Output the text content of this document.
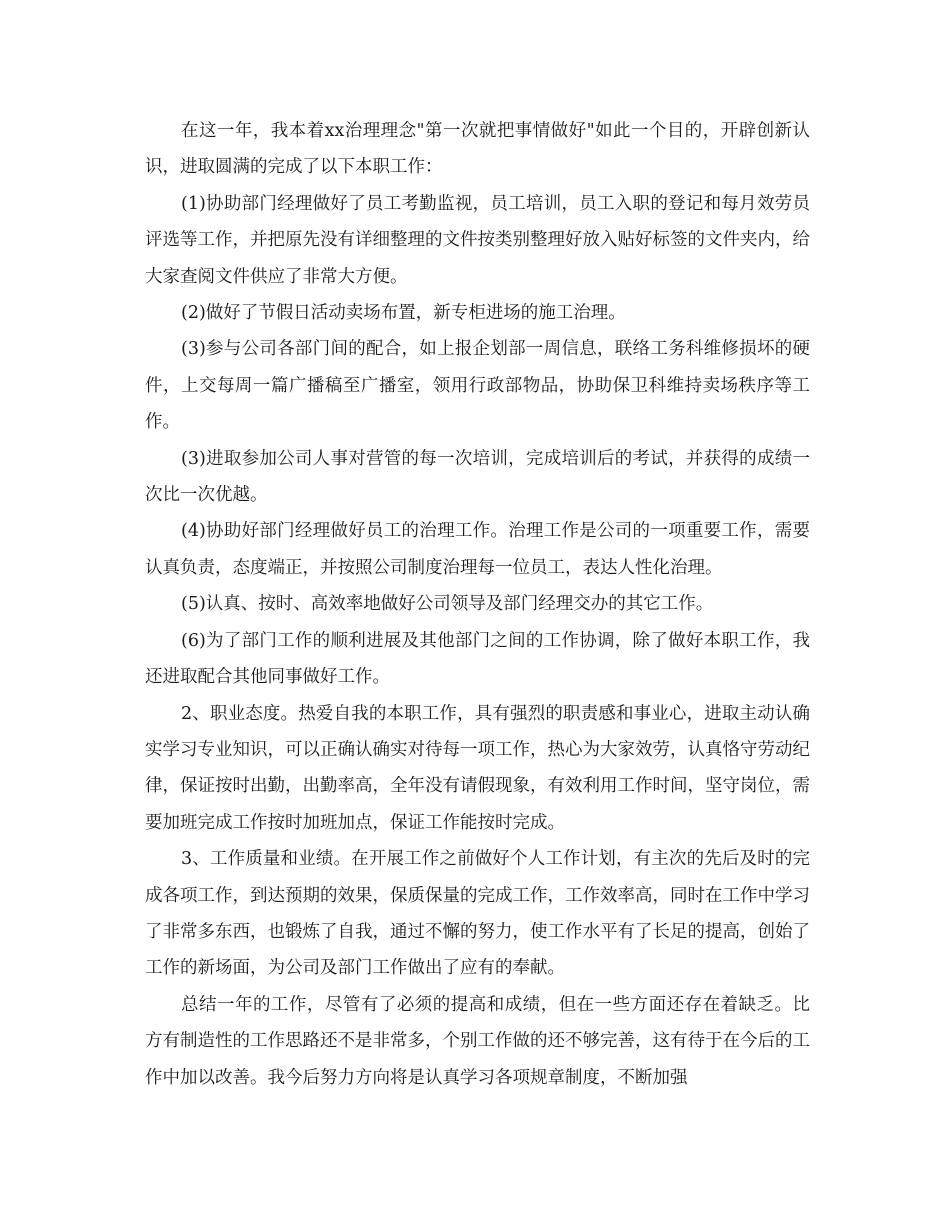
在这一年，我本着xx治理理念"第一次就把事情做好"如此一个目的，开辟创新认识，进取圆满的完成了以下本职工作：

(1)协助部门经理做好了员工考勤监视，员工培训，员工入职的登记和每月效劳员评选等工作，并把原先没有详细整理的文件按类别整理好放入贴好标签的文件夹内，给大家查阅文件供应了非常大方便。

(2)做好了节假日活动卖场布置，新专柜进场的施工治理。

(3)参与公司各部门间的配合，如上报企划部一周信息，联络工务科维修损坏的硬件，上交每周一篇广播稿至广播室，领用行政部物品，协助保卫科维持卖场秩序等工作。

(3)进取参加公司人事对营管的每一次培训，完成培训后的考试，并获得的成绩一次比一次优越。

(4)协助好部门经理做好员工的治理工作。治理工作是公司的一项重要工作，需要认真负责，态度端正，并按照公司制度治理每一位员工，表达人性化治理。

(5)认真、按时、高效率地做好公司领导及部门经理交办的其它工作。

(6)为了部门工作的顺利进展及其他部门之间的工作协调，除了做好本职工作，我还进取配合其他同事做好工作。

2、职业态度。热爱自我的本职工作，具有强烈的职责感和事业心，进取主动认确实学习专业知识，可以正确认确实对待每一项工作，热心为大家效劳，认真恪守劳动纪律，保证按时出勤，出勤率高，全年没有请假现象，有效利用工作时间，坚守岗位，需要加班完成工作按时加班加点，保证工作能按时完成。

3、工作质量和业绩。在开展工作之前做好个人工作计划，有主次的先后及时的完成各项工作，到达预期的效果，保质保量的完成工作，工作效率高，同时在工作中学习了非常多东西，也锻炼了自我，通过不懈的努力，使工作水平有了长足的提高，创始了工作的新场面，为公司及部门工作做出了应有的奉献。

总结一年的工作，尽管有了必须的提高和成绩，但在一些方面还存在着缺乏。比方有制造性的工作思路还不是非常多，个别工作做的还不够完善，这有待于在今后的工作中加以改善。我今后努力方向将是认真学习各项规章制度，不断加强
